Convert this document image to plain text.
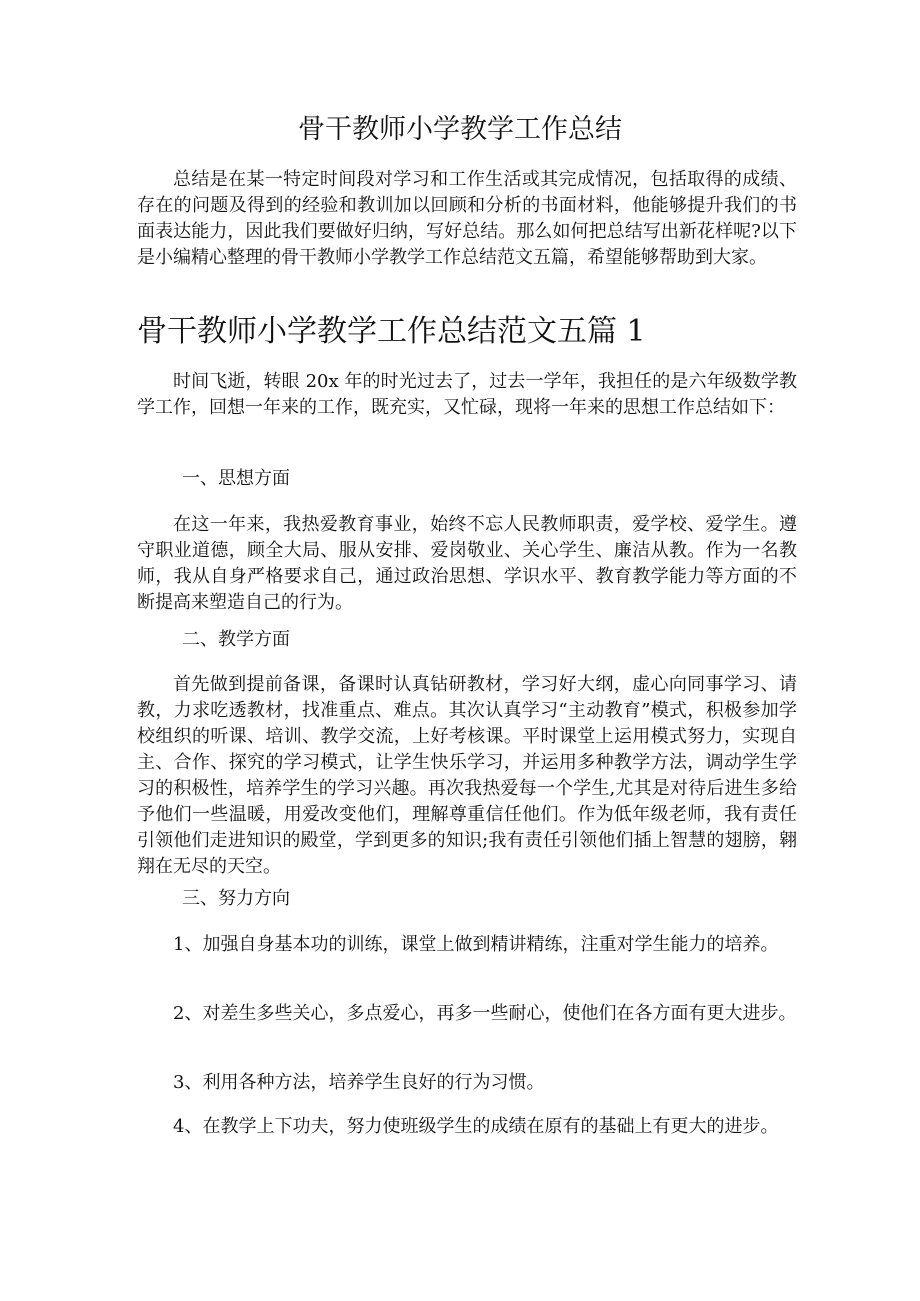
骨干教师小学教学工作总结

总结是在某一特定时间段对学习和工作生活或其完成情况，包括取得的成绩、存在的问题及得到的经验和教训加以回顾和分析的书面材料，他能够提升我们的书面表达能力，因此我们要做好归纳，写好总结。那么如何把总结写出新花样呢?以下是小编精心整理的骨干教师小学教学工作总结范文五篇，希望能够帮助到大家。

骨干教师小学教学工作总结范文五篇 1

时间飞逝，转眼 20x 年的时光过去了，过去一学年，我担任的是六年级数学教学工作，回想一年来的工作，既充实，又忙碌，现将一年来的思想工作总结如下：

一、思想方面

在这一年来，我热爱教育事业，始终不忘人民教师职责，爱学校、爱学生。遵守职业道德，顾全大局、服从安排、爱岗敬业、关心学生、廉洁从教。作为一名教师，我从自身严格要求自己，通过政治思想、学识水平、教育教学能力等方面的不断提高来塑造自己的行为。

二、教学方面

首先做到提前备课，备课时认真钻研教材，学习好大纲，虚心向同事学习、请教，力求吃透教材，找准重点、难点。其次认真学习“主动教育”模式，积极参加学校组织的听课、培训、教学交流，上好考核课。平时课堂上运用模式努力，实现自主、合作、探究的学习模式，让学生快乐学习，并运用多种教学方法，调动学生学习的积极性，培养学生的学习兴趣。再次我热爱每一个学生,尤其是对待后进生多给予他们一些温暖，用爱改变他们，理解尊重信任他们。作为低年级老师，我有责任引领他们走进知识的殿堂，学到更多的知识;我有责任引领他们插上智慧的翅膀，翱翔在无尽的天空。

三、努力方向

1、加强自身基本功的训练，课堂上做到精讲精练，注重对学生能力的培养。

2、对差生多些关心，多点爱心，再多一些耐心，使他们在各方面有更大进步。

3、利用各种方法，培养学生良好的行为习惯。

4、在教学上下功夫，努力使班级学生的成绩在原有的基础上有更大的进步。
